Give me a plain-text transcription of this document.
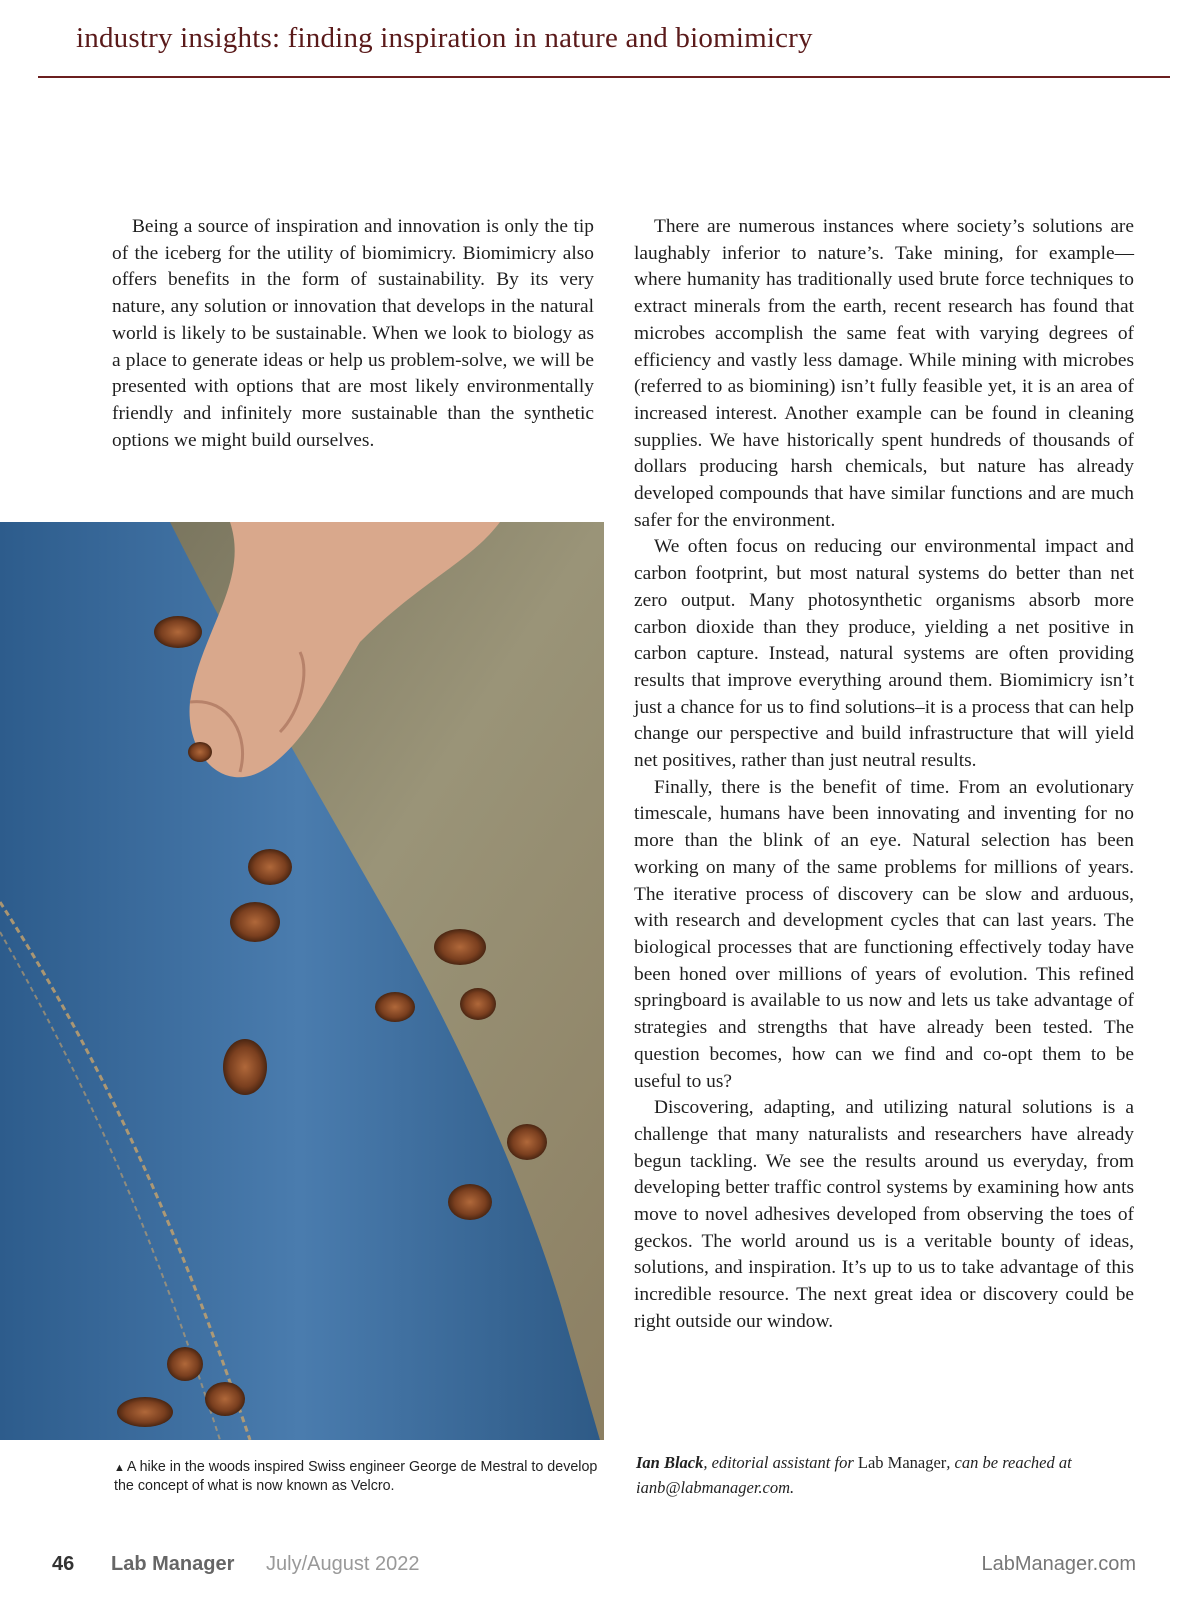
industry insights: finding inspiration in nature and biomimicry

Being a source of inspiration and innovation is only the tip of the iceberg for the utility of biomimicry. Biomimicry also offers benefits in the form of sustainability. By its very nature, any solution or innovation that develops in the natural world is likely to be sustainable. When we look to biology as a place to generate ideas or help us problem-solve, we will be presented with options that are most likely environmentally friendly and infinitely more sustainable than the synthetic options we might build ourselves.

There are numerous instances where society’s solutions are laughably inferior to nature’s. Take mining, for example—where humanity has traditionally used brute force techniques to extract minerals from the earth, recent research has found that microbes accomplish the same feat with varying degrees of efficiency and vastly less damage. While mining with microbes (referred to as biomining) isn’t fully feasible yet, it is an area of increased interest. Another example can be found in cleaning supplies. We have historically spent hundreds of thousands of dollars producing harsh chemicals, but nature has already developed compounds that have similar functions and are much safer for the environment.

We often focus on reducing our environmental impact and carbon footprint, but most natural systems do better than net zero output. Many photosynthetic organisms absorb more carbon dioxide than they produce, yielding a net positive in carbon capture. Instead, natural systems are often providing results that improve everything around them. Biomimicry isn’t just a chance for us to find solutions–it is a process that can help change our perspective and build infrastructure that will yield net positives, rather than just neutral results.

Finally, there is the benefit of time. From an evolutionary timescale, humans have been innovating and inventing for no more than the blink of an eye. Natural selection has been working on many of the same problems for millions of years. The iterative process of discovery can be slow and arduous, with research and development cycles that can last years. The biological processes that are functioning effectively today have been honed over millions of years of evolution. This refined springboard is available to us now and lets us take advantage of strategies and strengths that have already been tested. The question becomes, how can we find and co-opt them to be useful to us?

Discovering, adapting, and utilizing natural solutions is a challenge that many naturalists and researchers have already begun tackling. We see the results around us everyday, from developing better traffic control systems by examining how ants move to novel adhesives developed from observing the toes of geckos. The world around us is a veritable bounty of ideas, solutions, and inspiration. It’s up to us to take advantage of this incredible resource. The next great idea or discovery could be right outside our window.

▲ A hike in the woods inspired Swiss engineer George de Mestral to develop the concept of what is now known as Velcro.
Ian Black, editorial assistant for Lab Manager, can be reached at ianb@labmanager.com.
46 Lab Manager July/August 2022	LabManager.com
